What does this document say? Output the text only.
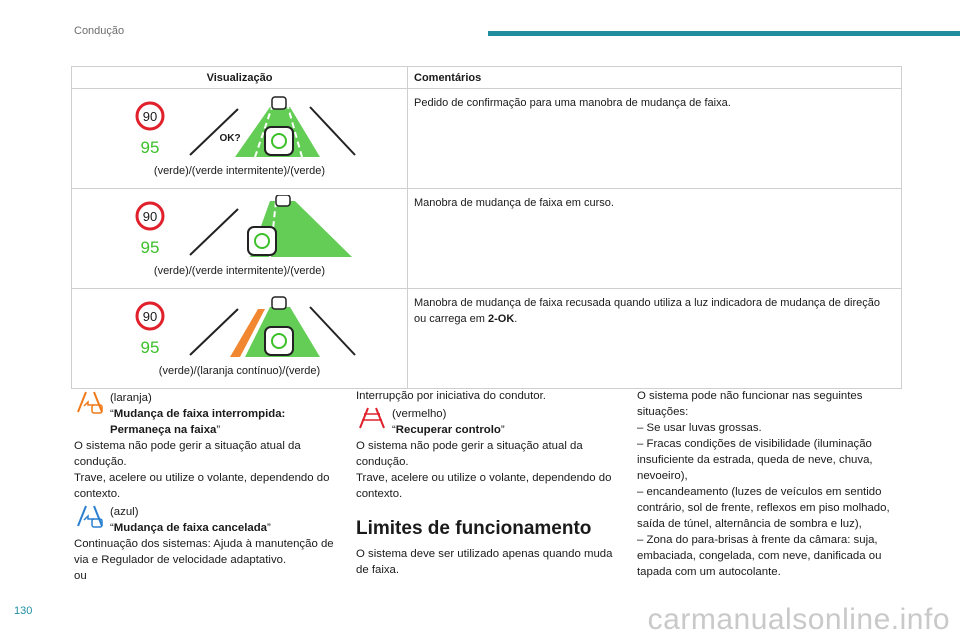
Condução
Visualização	Comentários

90
95 OK?
(verde)/(verde intermitente)/(verde)	Pedido de confirmação para uma manobra de mudança de faixa.

90
95
(verde)/(verde intermitente)/(verde)	Manobra de mudança de faixa em curso.

90
95
(verde)/(laranja contínuo)/(verde)	Manobra de mudança de faixa recusada quando utiliza a luz indicadora de mudança de direção ou carrega em 2-OK.
(laranja)

“Mudança de faixa interrompida: Permaneça na faixa”

O sistema não pode gerir a situação atual da condução.

Trave, acelere ou utilize o volante, dependendo do contexto.

(azul)
“Mudança de faixa cancelada”

Continuação dos sistemas: Ajuda à manutenção de via e Regulador de velocidade adaptativo.

ou

Interrupção por iniciativa do condutor.

(vermelho)
“Recuperar controlo”

O sistema não pode gerir a situação atual da condução.

Trave, acelere ou utilize o volante, dependendo do contexto.

Limites de funcionamento

O sistema deve ser utilizado apenas quando muda de faixa.

O sistema pode não funcionar nas seguintes situações:

– Se usar luvas grossas.

– Fracas condições de visibilidade (iluminação insuficiente da estrada, queda de neve, chuva, nevoeiro),

– encandeamento (luzes de veículos em sentido contrário, sol de frente, reflexos em piso molhado, saída de túnel, alternância de sombra e luz),

– Zona do para-brisas à frente da câmara: suja, embaciada, congelada, com neve, danificada ou tapada com um autocolante.

130	carmanualsonline.info
